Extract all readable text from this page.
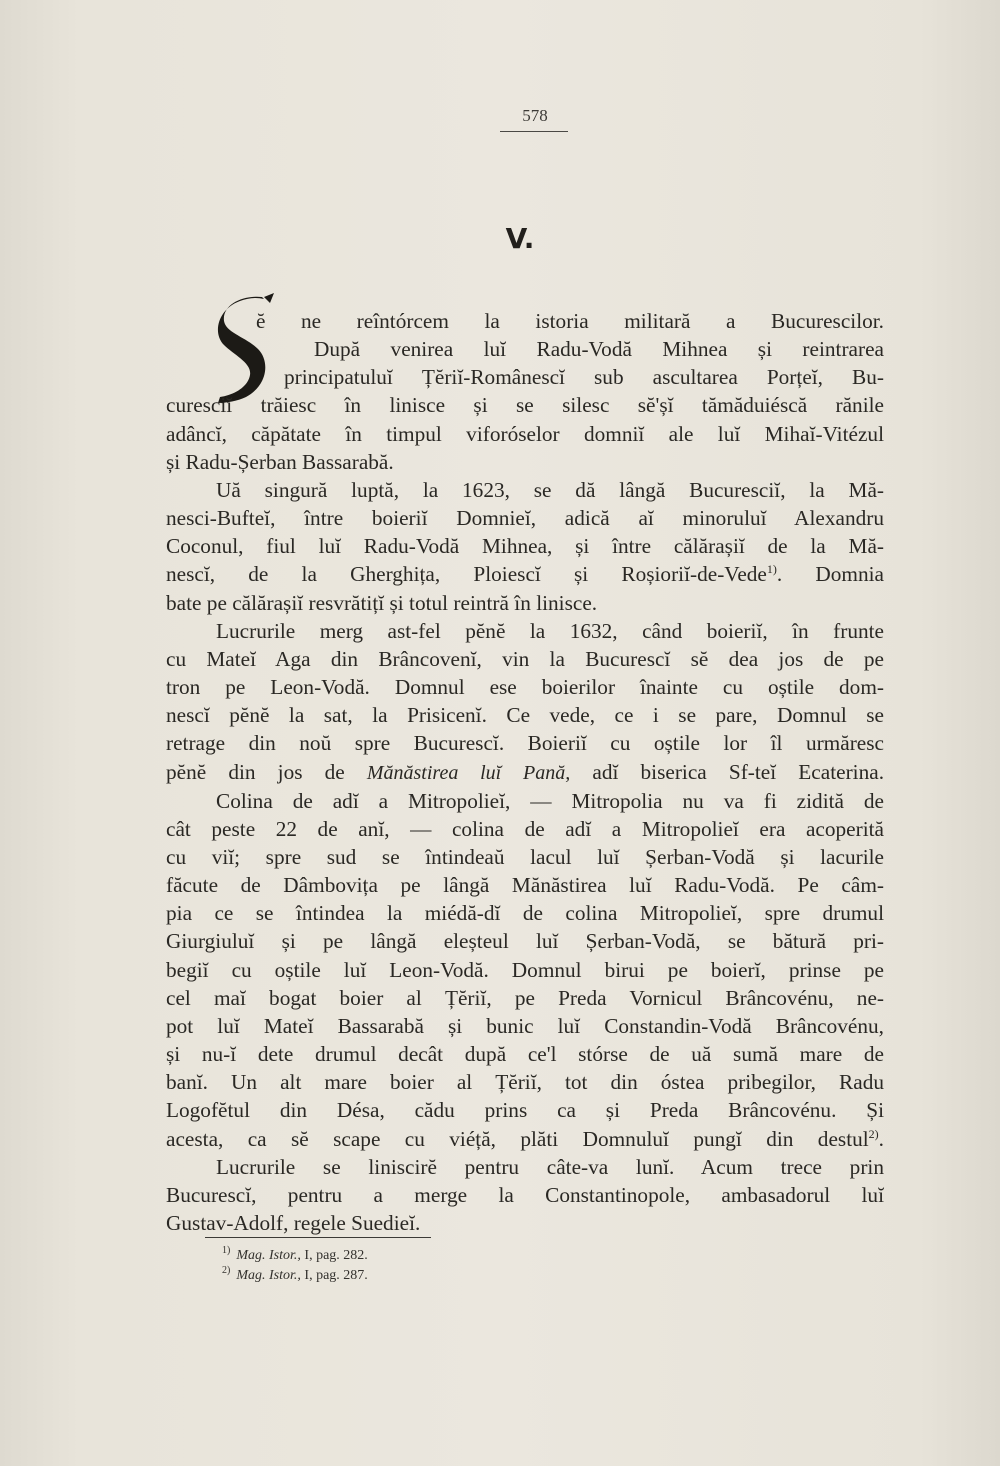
578
V.
S
ĕ ne reîntórcem la istoria militară a Bucurescilor.
După venirea luĭ Radu-Vodă Mihnea și reintrarea
principatuluĭ Țĕriĭ-Românescĭ sub ascultarea Porțeĭ, Bu-
curesciĭ trăiesc în linisce și se silesc sĕ'șĭ tămăduiéscă rănile
adâncĭ, căpătate în timpul viforóselor domniĭ ale luĭ Mihaĭ-Vitézul
și Radu-Șerban Bassarabă.
Uă singură luptă, la 1623, se dă lângă Bucuresciĭ, la Mă-
nesci-Bufteĭ, între boieriĭ Domnieĭ, adică aĭ minoruluĭ Alexandru
Coconul, fiul luĭ Radu-Vodă Mihnea, și între călărașiĭ de la Mă-
nescĭ, de la Gherghița, Ploiescĭ și Roșioriĭ-de-Vede$^{1)}$. Domnia
bate pe călărașiĭ resvrătițĭ și totul reintră în linisce.
Lucrurile merg ast-fel pĕnĕ la 1632, când boieriĭ, în frunte
cu Mateĭ Aga din Brâncovenĭ, vin la Bucurescĭ sĕ dea jos de pe
tron pe Leon-Vodă. Domnul ese boierilor înainte cu oștile dom-
nescĭ pĕnĕ la sat, la Prisicenĭ. Ce vede, ce i se pare, Domnul se
retrage din noŭ spre Bucurescĭ. Boieriĭ cu oștile lor îl urmăresc
pĕnĕ din jos de Mănăstirea luĭ Pană, adĭ biserica Sf-teĭ Ecaterina.
Colina de adĭ a Mitropolieĭ, — Mitropolia nu va fi zidită de
cât peste 22 de anĭ, — colina de adĭ a Mitropolieĭ era acoperită
cu viĭ; spre sud se întindeaŭ lacul luĭ Șerban-Vodă și lacurile
făcute de Dâmbovița pe lângă Mănăstirea luĭ Radu-Vodă. Pe câm-
pia ce se întindea la miédă-dĭ de colina Mitropolieĭ, spre drumul
Giurgiuluĭ și pe lângă eleșteul luĭ Șerban-Vodă, se bătură pri-
begiĭ cu oștile luĭ Leon-Vodă. Domnul birui pe boierĭ, prinse pe
cel maĭ bogat boier al Țĕriĭ, pe Preda Vornicul Brâncovénu, ne-
pot luĭ Mateĭ Bassarabă și bunic luĭ Constandin-Vodă Brâncovénu,
și nu-ĭ dete drumul decât după ce'l stórse de uă sumă mare de
banĭ. Un alt mare boier al Țĕriĭ, tot din óstea pribegilor, Radu
Logofĕtul din Désa, cădu prins ca și Preda Brâncovénu. Și
acesta, ca sĕ scape cu viéță, plăti Domnuluĭ pungĭ din destul$^{2)}$.
Lucrurile se liniscirĕ pentru câte-va lunĭ. Acum trece prin
Bucurescĭ, pentru a merge la Constantinopole, ambasadorul luĭ
Gustav-Adolf, regele Suedieĭ.
$^{1)}$ Mag. Istor., I, pag. 282.
$^{2)}$ Mag. Istor., I, pag. 287.
